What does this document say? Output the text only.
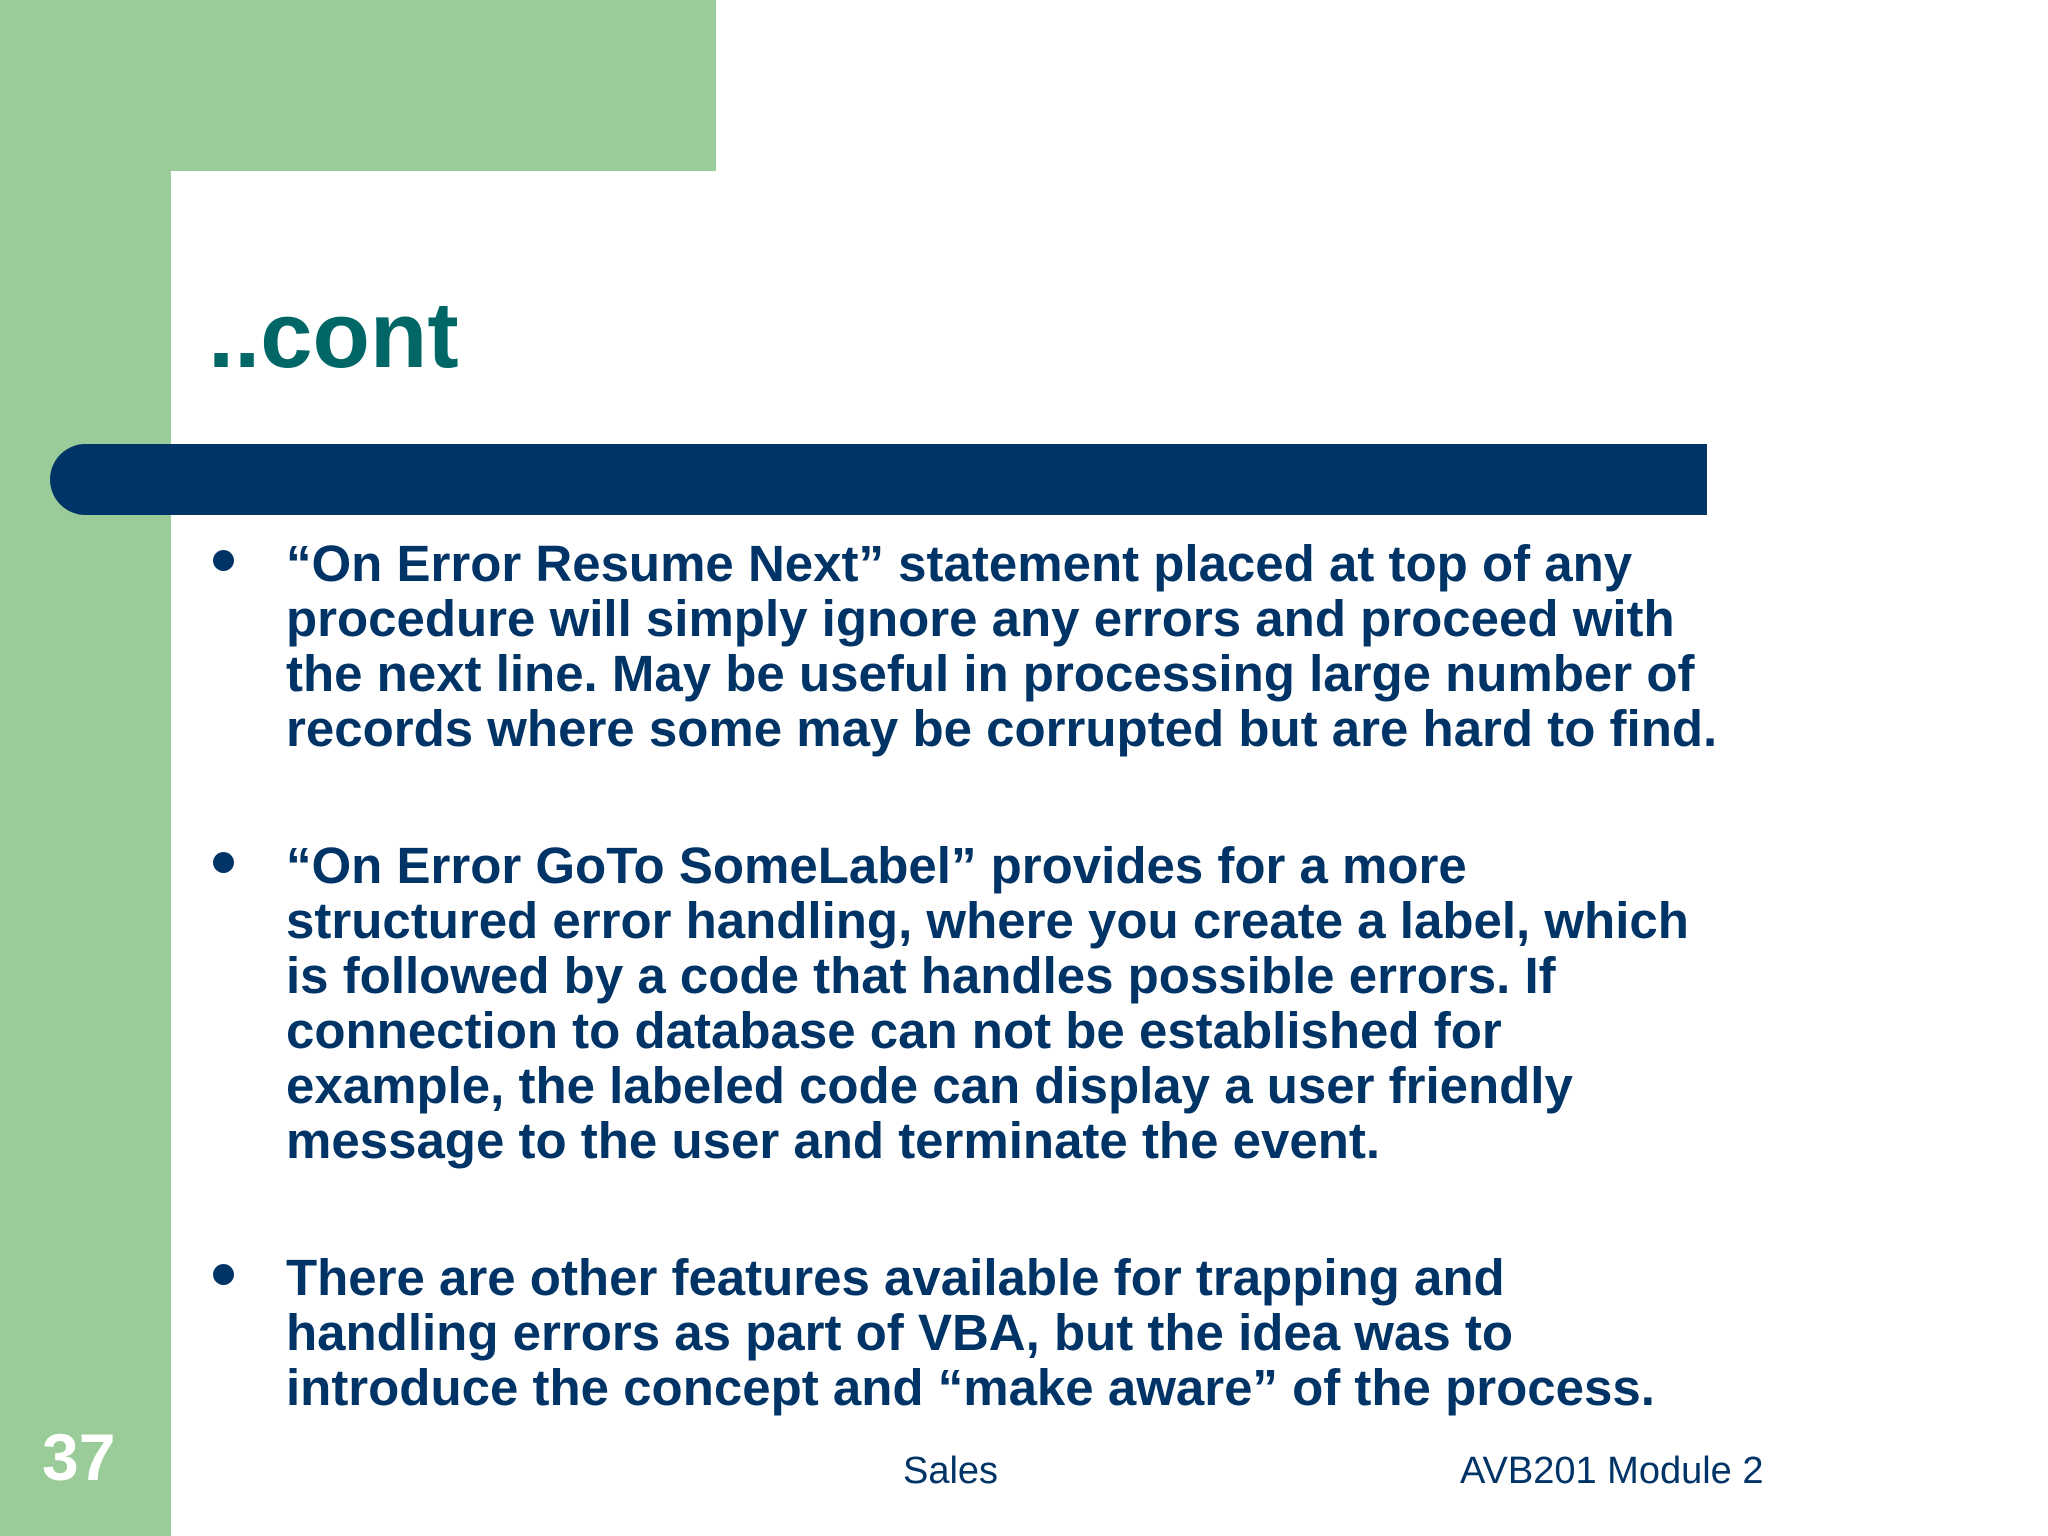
..cont
“On Error Resume Next” statement placed at top of any
procedure will simply ignore any errors and proceed with
the next line. May be useful in processing large number of
records where some may be corrupted but are hard to find.
“On Error GoTo SomeLabel” provides for a more
structured error handling, where you create a label, which
is followed by a code that handles possible errors. If
connection to database can not be established for
example, the labeled code can display a user friendly
message to the user and terminate the event.
There are other features available for trapping and
handling errors as part of VBA, but the idea was to
introduce the concept and “make aware” of the process.
37	Sales	AVB201 Module 2
